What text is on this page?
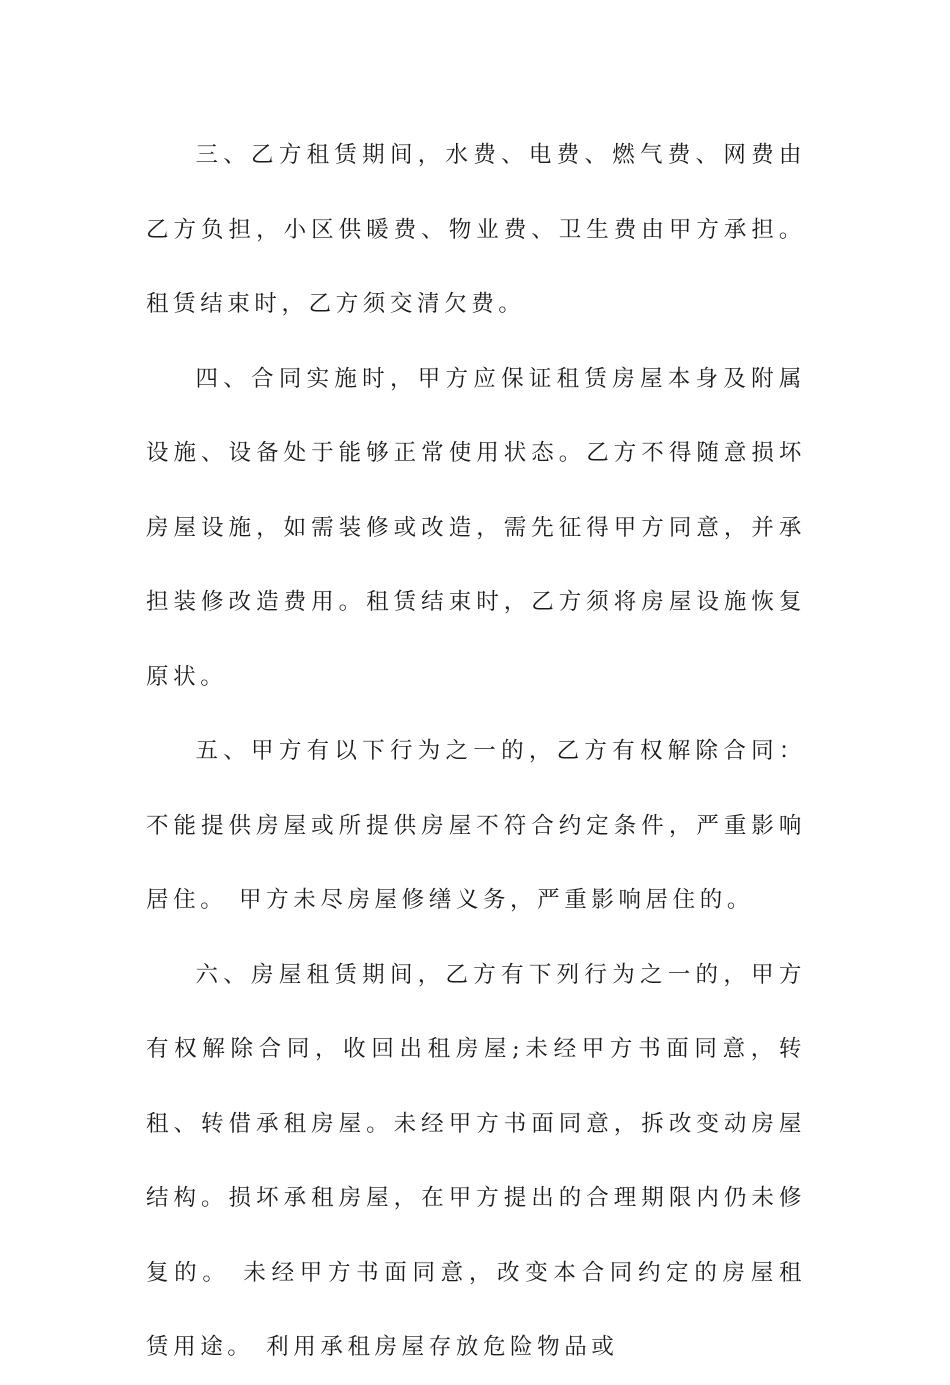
三、乙方租赁期间，水费、电费、燃气费、网费由乙方负担，小区供暖费、物业费、卫生费由甲方承担。租赁结束时，乙方须交清欠费。

四、合同实施时，甲方应保证租赁房屋本身及附属设施、设备处于能够正常使用状态。乙方不得随意损坏房屋设施，如需装修或改造，需先征得甲方同意，并承担装修改造费用。租赁结束时，乙方须将房屋设施恢复原状。

五、甲方有以下行为之一的，乙方有权解除合同：不能提供房屋或所提供房屋不符合约定条件，严重影响居住。 甲方未尽房屋修缮义务，严重影响居住的。

六、房屋租赁期间，乙方有下列行为之一的，甲方有权解除合同，收回出租房屋;未经甲方书面同意，转租、转借承租房屋。未经甲方书面同意，拆改变动房屋结构。损坏承租房屋，在甲方提出的合理期限内仍未修复的。 未经甲方书面同意，改变本合同约定的房屋租赁用途。 利用承租房屋存放危险物品或
